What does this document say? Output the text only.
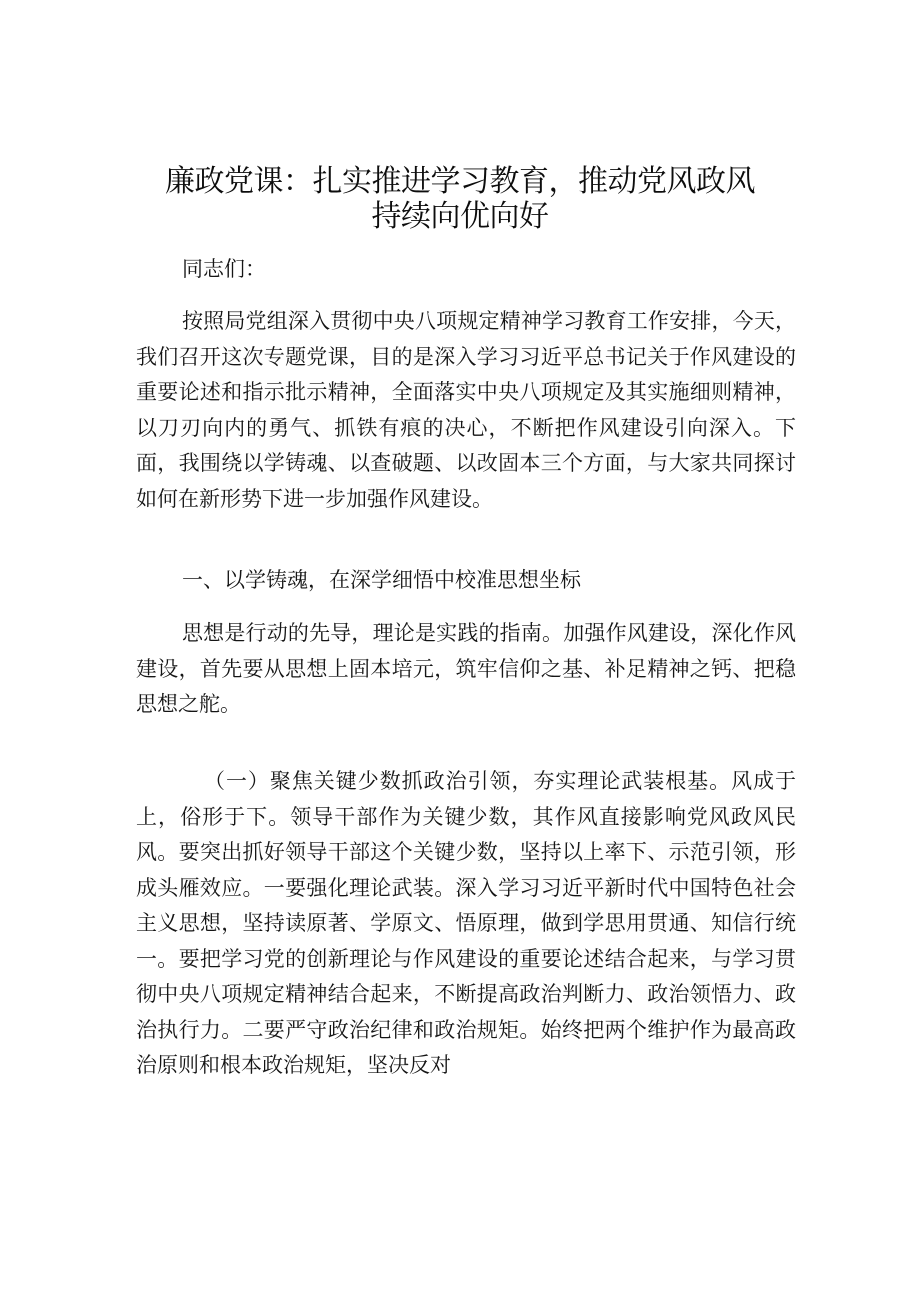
廉政党课：扎实推进学习教育，推动党风政风
持续向优向好

同志们：

按照局党组深入贯彻中央八项规定精神学习教育工作安排，今天，我们召开这次专题党课，目的是深入学习习近平总书记关于作风建设的重要论述和指示批示精神，全面落实中央八项规定及其实施细则精神，以刀刃向内的勇气、抓铁有痕的决心，不断把作风建设引向深入。下面，我围绕以学铸魂、以查破题、以改固本三个方面，与大家共同探讨如何在新形势下进一步加强作风建设。

一、以学铸魂，在深学细悟中校准思想坐标

思想是行动的先导，理论是实践的指南。加强作风建设，深化作风建设，首先要从思想上固本培元，筑牢信仰之基、补足精神之钙、把稳思想之舵。

（一）聚焦关键少数抓政治引领，夯实理论武装根基。风成于上，俗形于下。领导干部作为关键少数，其作风直接影响党风政风民风。要突出抓好领导干部这个关键少数，坚持以上率下、示范引领，形成头雁效应。一要强化理论武装。深入学习习近平新时代中国特色社会主义思想，坚持读原著、学原文、悟原理，做到学思用贯通、知信行统一。要把学习党的创新理论与作风建设的重要论述结合起来，与学习贯彻中央八项规定精神结合起来，不断提高政治判断力、政治领悟力、政治执行力。二要严守政治纪律和政治规矩。始终把两个维护作为最高政治原则和根本政治规矩，坚决反对
